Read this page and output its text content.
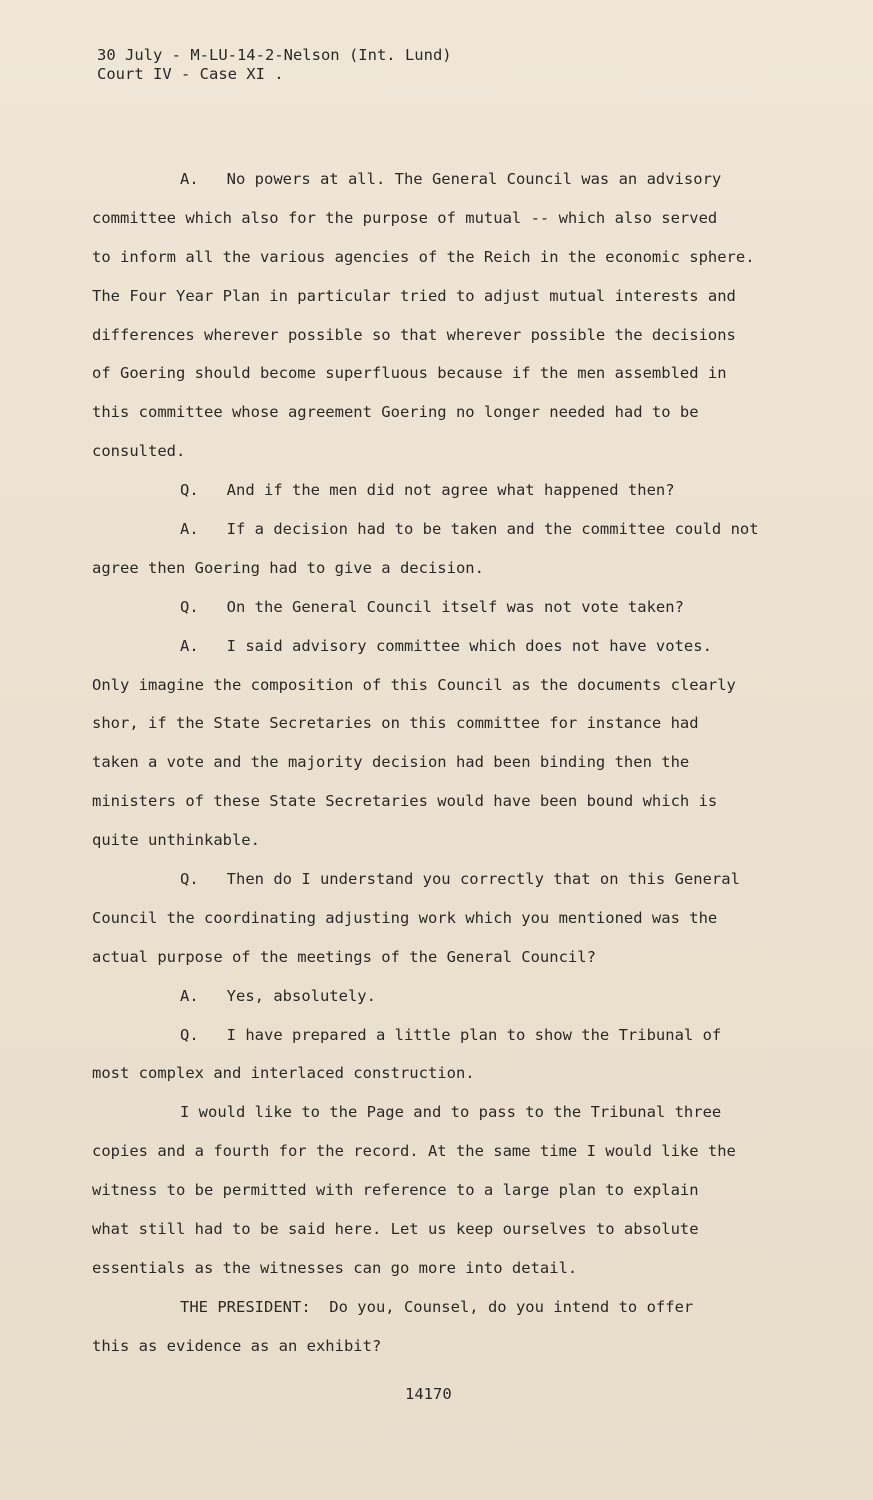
30 July - M-LU-14-2-Nelson (Int. Lund)
Court IV - Case XI .
A.   No powers at all. The General Council was an advisory
committee which also for the purpose of mutual -- which also served
to inform all the various agencies of the Reich in the economic sphere.
The Four Year Plan in particular tried to adjust mutual interests and
differences wherever possible so that wherever possible the decisions
of Goering should become superfluous because if the men assembled in
this committee whose agreement Goering no longer needed had to be
consulted.
Q.   And if the men did not agree what happened then?
A.   If a decision had to be taken and the committee could not
agree then Goering had to give a decision.
Q.   On the General Council itself was not vote taken?
A.   I said advisory committee which does not have votes.
Only imagine the composition of this Council as the documents clearly
shor, if the State Secretaries on this committee for instance had
taken a vote and the majority decision had been binding then the
ministers of these State Secretaries would have been bound which is
quite unthinkable.
Q.   Then do I understand you correctly that on this General
Council the coordinating adjusting work which you mentioned was the
actual purpose of the meetings of the General Council?
A.   Yes, absolutely.
Q.   I have prepared a little plan to show the Tribunal of
most complex and interlaced construction.
I would like to the Page and to pass to the Tribunal three
copies and a fourth for the record. At the same time I would like the
witness to be permitted with reference to a large plan to explain
what still had to be said here. Let us keep ourselves to absolute
essentials as the witnesses can go more into detail.
THE PRESIDENT:  Do you, Counsel, do you intend to offer
this as evidence as an exhibit?
14170
